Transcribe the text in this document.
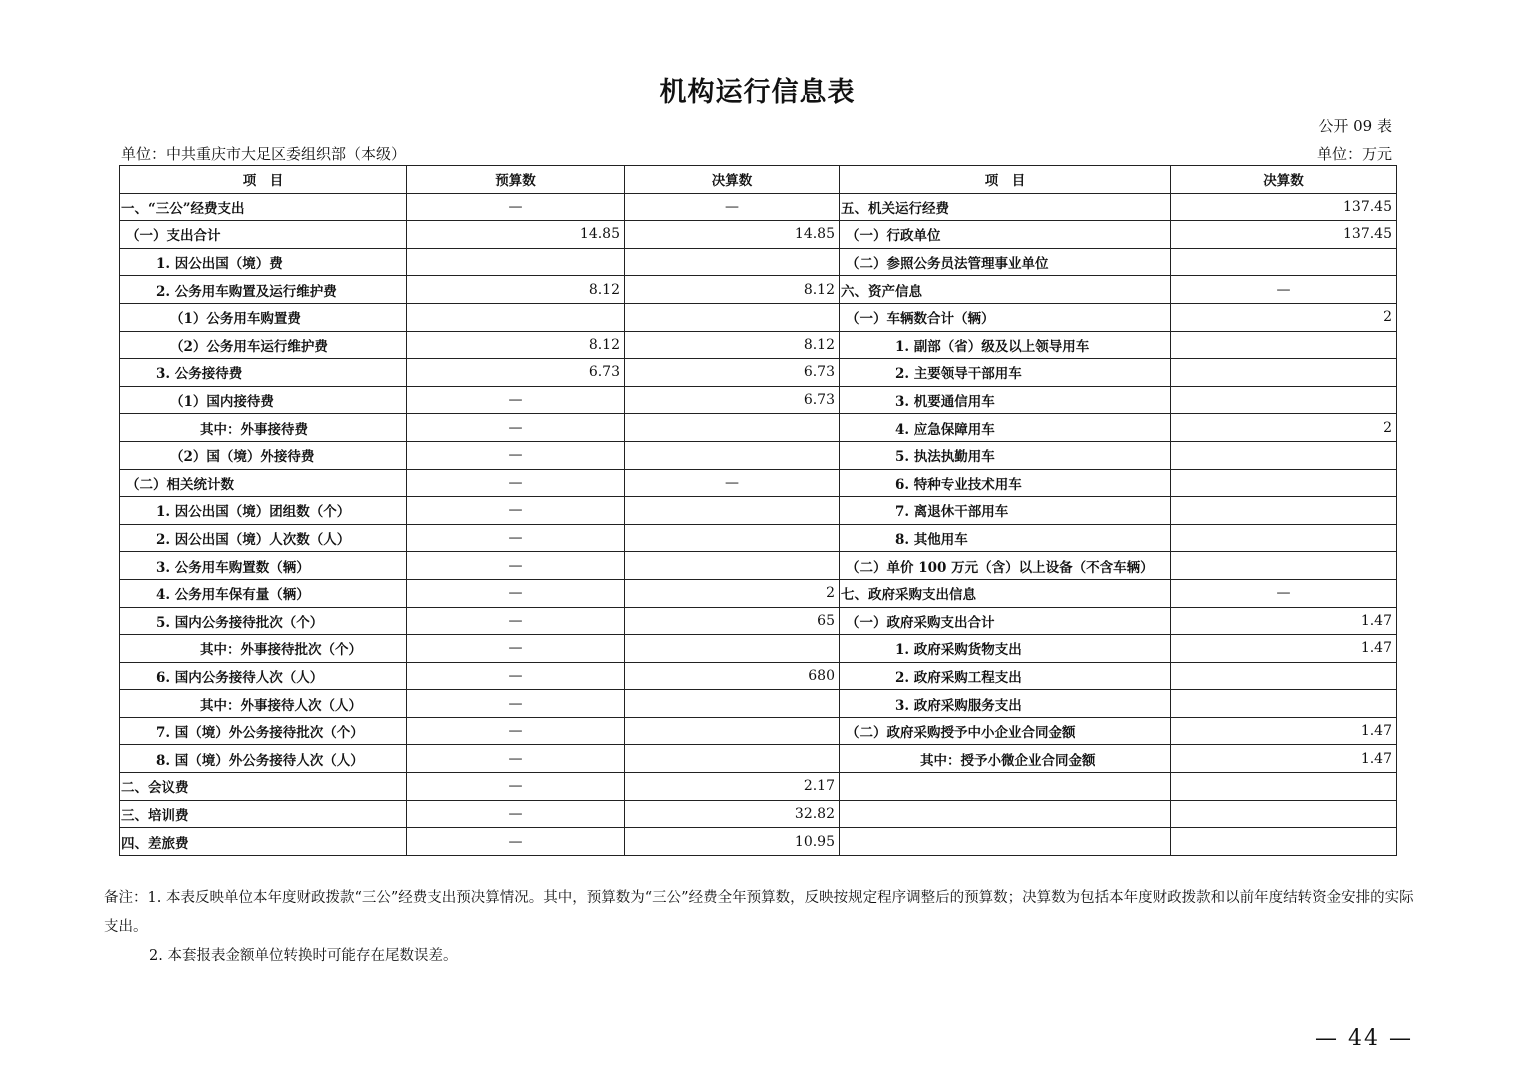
机构运行信息表
公开 09 表
单位：中共重庆市大足区委组织部（本级）	单位：万元
项　目	预算数	决算数	项　目	决算数
一、“三公”经费支出	—	—	五、机关运行经费	137.45
（一）支出合计	14.85	14.85	（一）行政单位	137.45
1. 因公出国（境）费			（二）参照公务员法管理事业单位	
2. 公务用车购置及运行维护费	8.12	8.12	六、资产信息	—
（1）公务用车购置费			（一）车辆数合计（辆）	2
（2）公务用车运行维护费	8.12	8.12	1. 副部（省）级及以上领导用车	
3. 公务接待费	6.73	6.73	2. 主要领导干部用车	
（1）国内接待费	—	6.73	3. 机要通信用车	
其中：外事接待费	—		4. 应急保障用车	2
（2）国（境）外接待费	—		5. 执法执勤用车	
（二）相关统计数	—	—	6. 特种专业技术用车	
1. 因公出国（境）团组数（个）	—		7. 离退休干部用车	
2. 因公出国（境）人次数（人）	—		8. 其他用车	
3. 公务用车购置数（辆）	—		（二）单价 100 万元（含）以上设备（不含车辆）	
4. 公务用车保有量（辆）	—	2	七、政府采购支出信息	—
5. 国内公务接待批次（个）	—	65	（一）政府采购支出合计	1.47
其中：外事接待批次（个）	—		1. 政府采购货物支出	1.47
6. 国内公务接待人次（人）	—	680	2. 政府采购工程支出	
其中：外事接待人次（人）	—		3. 政府采购服务支出	
7. 国（境）外公务接待批次（个）	—		（二）政府采购授予中小企业合同金额	1.47
8. 国（境）外公务接待人次（人）	—		其中：授予小微企业合同金额	1.47
二、会议费	—	2.17		
三、培训费	—	32.82		
四、差旅费	—	10.95		

备注：1. 本表反映单位本年度财政拨款“三公”经费支出预决算情况。其中，预算数为“三公”经费全年预算数，反映按规定程序调整后的预算数；决算数为包括本年度财政拨款和以前年度结转资金安排的实际支出。

2. 本套报表金额单位转换时可能存在尾数误差。

— 44 —
